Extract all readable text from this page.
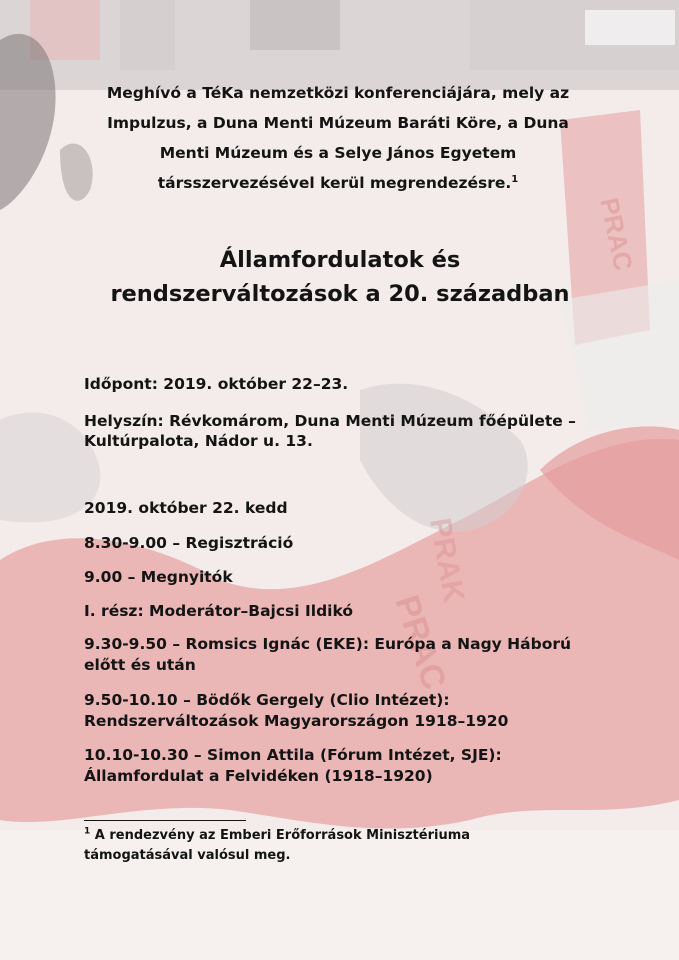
PRAC
PRAC
PRAK
Meghívó a TéKa nemzetközi konferenciájára, mely az
Impulzus, a Duna Menti Múzeum Baráti Köre, a Duna
Menti Múzeum és a Selye János Egyetem
társszervezésével kerül megrendezésre.$^1$
Államfordulatok és
rendszerváltozások a 20. században
Időpont: 2019. október 22–23.
Helyszín: Révkomárom, Duna Menti Múzeum főépülete –
Kultúrpalota, Nádor u. 13.
2019. október 22. kedd
8.30-9.00 – Regisztráció
9.00 – Megnyitók
I. rész: Moderátor–Bajcsi Ildikó
9.30-9.50 – Romsics Ignác (EKE): Európa a Nagy Háború
előtt és után
9.50-10.10 – Bödők Gergely (Clio Intézet):
Rendszerváltozások Magyarországon 1918–1920
10.10-10.30 – Simon Attila (Fórum Intézet, SJE):
Államfordulat a Felvidéken (1918–1920)
$^1$ A rendezvény az Emberi Erőforrások Minisztériuma
támogatásával valósul meg.
